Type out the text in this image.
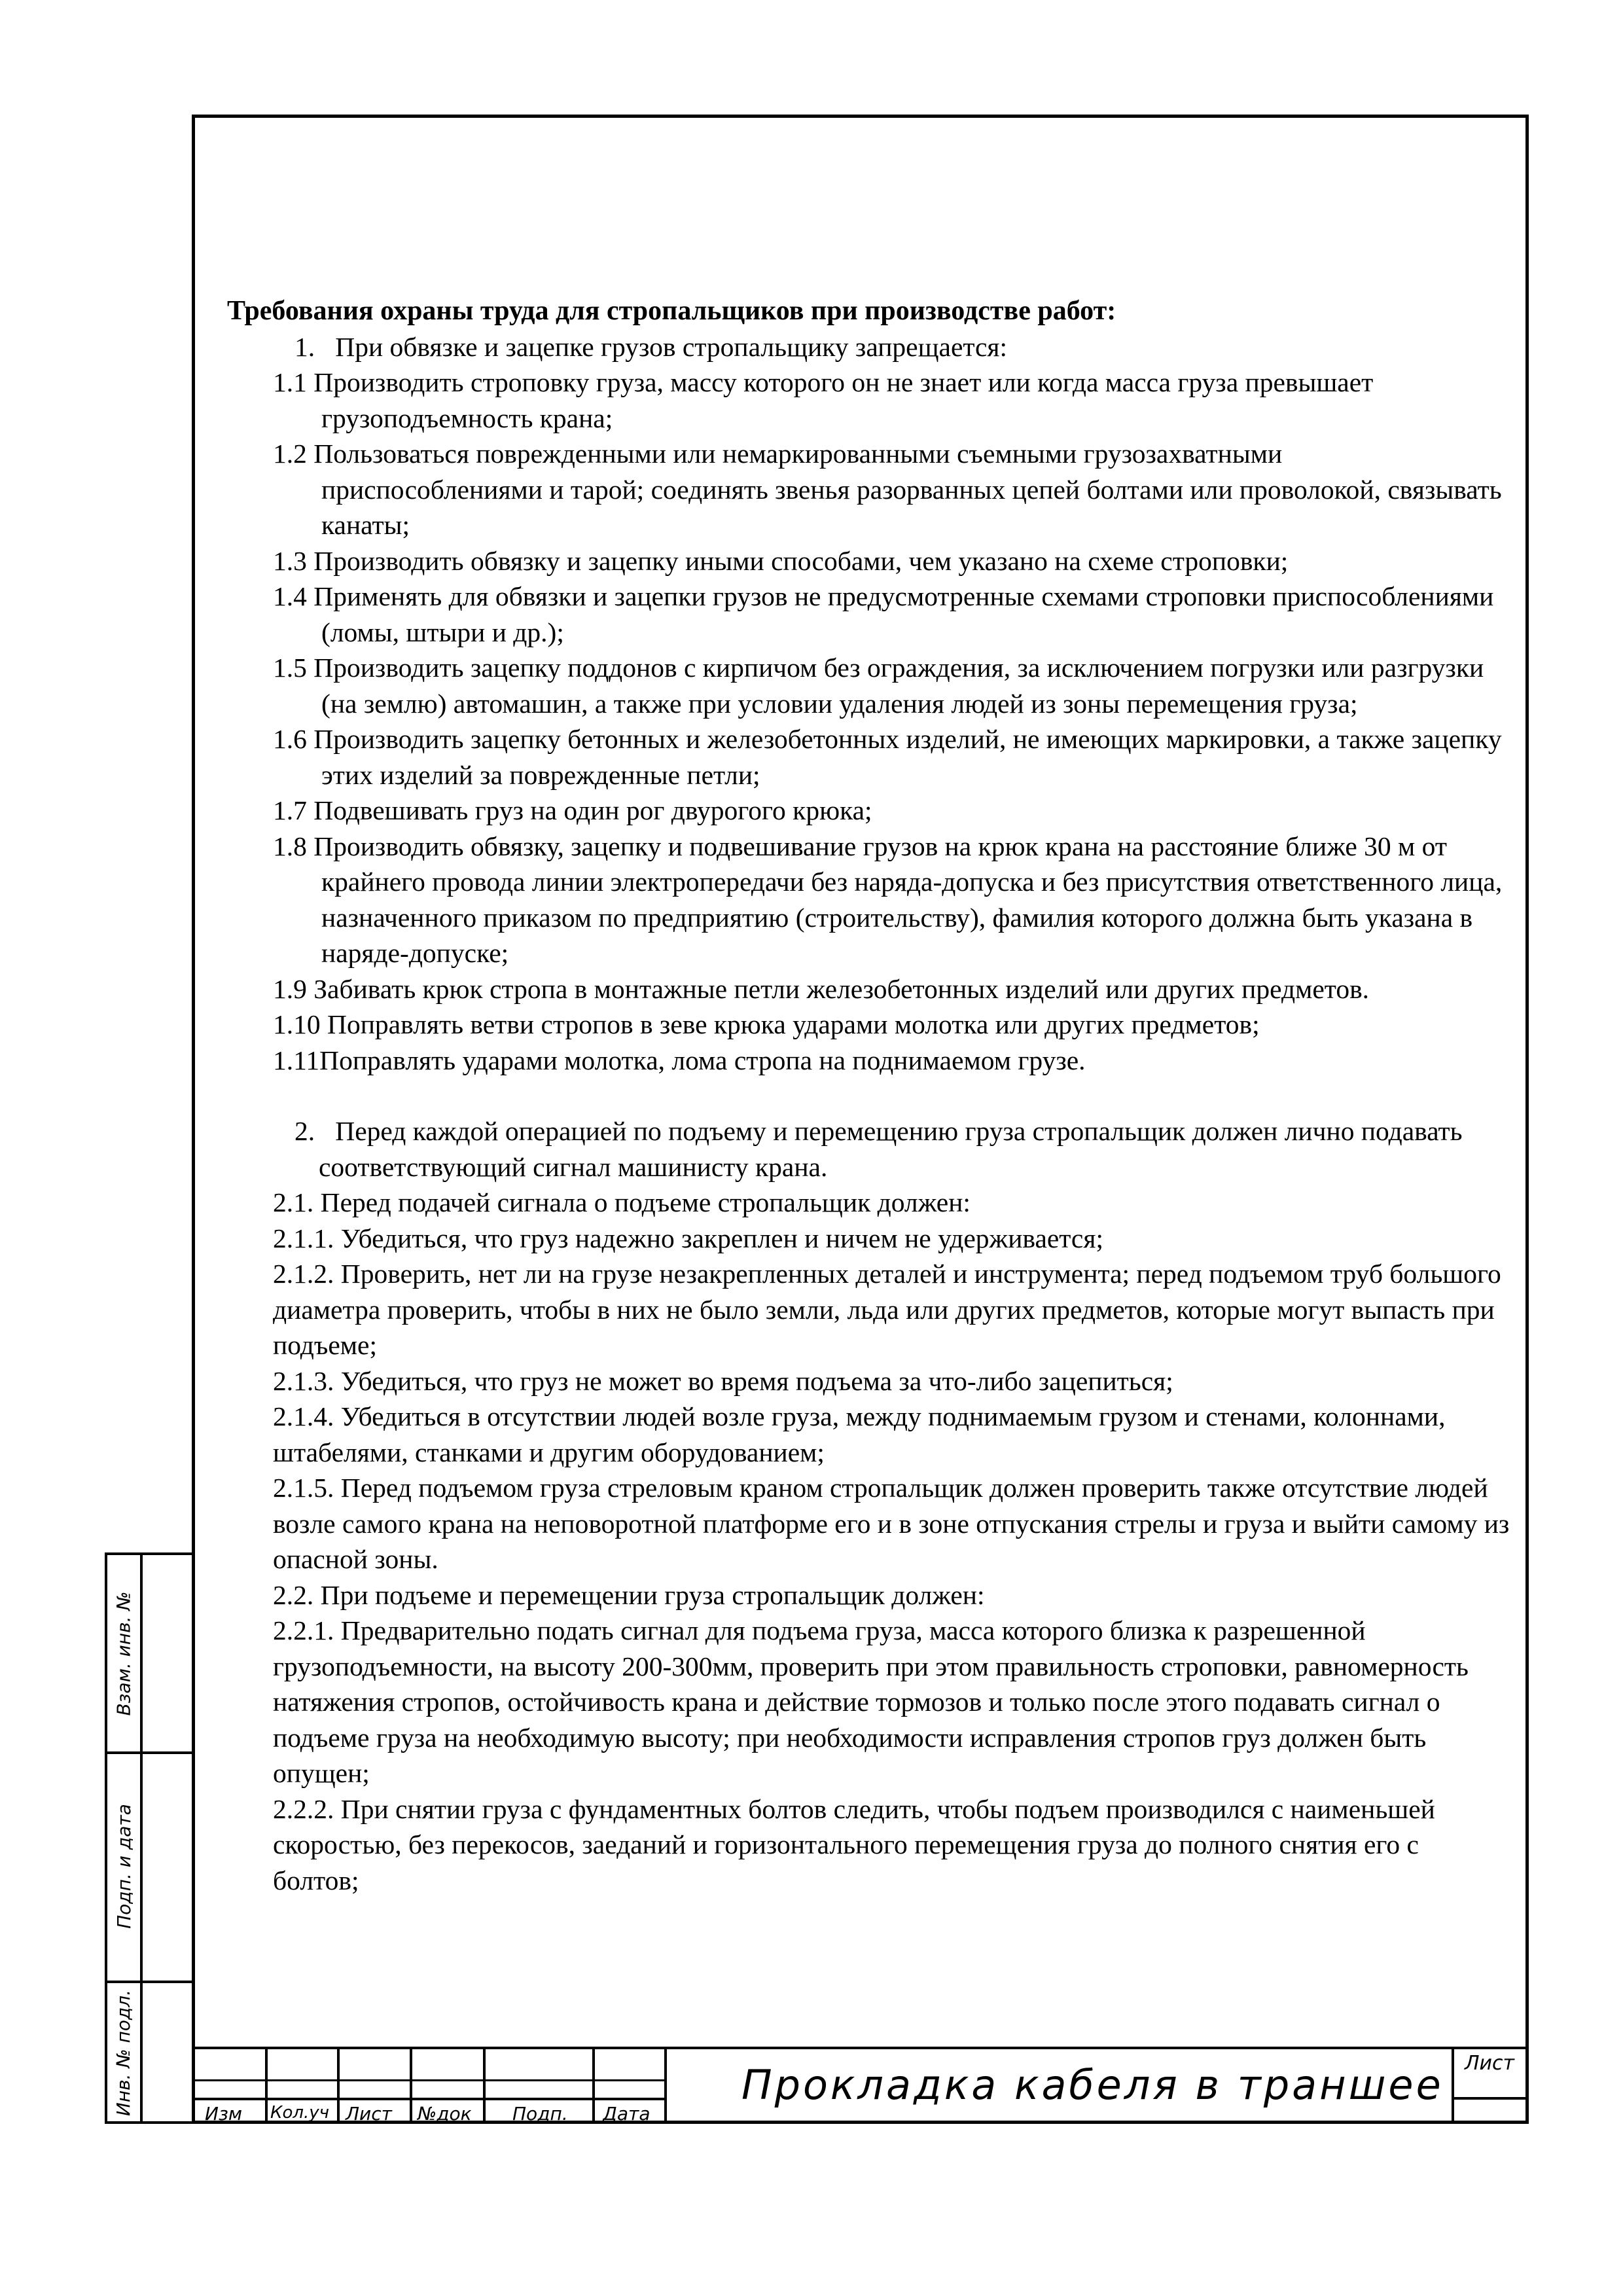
Требования охраны труда для стропальщиков при производстве работ:
1. При обвязке и зацепке грузов стропальщику запрещается:
1.1 Производить строповку груза, массу которого он не знает или когда масса груза превышает грузоподъемность крана;
1.2 Пользоваться поврежденными или немаркированными съемными грузозахватными приспособлениями и тарой; соединять звенья разорванных цепей болтами или проволокой, связывать канаты;
1.3 Производить обвязку и зацепку иными способами, чем указано на схеме строповки;
1.4 Применять для обвязки и зацепки грузов не предусмотренные схемами строповки приспособлениями (ломы, штыри и др.);
1.5 Производить зацепку поддонов с кирпичом без ограждения, за исключением погрузки или разгрузки (на землю) автомашин, а также при условии удаления людей из зоны перемещения груза;
1.6 Производить зацепку бетонных и железобетонных изделий, не имеющих маркировки, а также зацепку этих изделий за поврежденные петли;
1.7 Подвешивать груз на один рог двурогого крюка;
1.8 Производить обвязку, зацепку и подвешивание грузов на крюк крана на расстояние ближе 30 м от крайнего провода линии электропередачи без наряда-допуска и без присутствия ответственного лица, назначенного приказом по предприятию (строительству), фамилия которого должна быть указана в наряде-допуске;
1.9 Забивать крюк стропа в монтажные петли железобетонных изделий или других предметов.
1.10 Поправлять ветви стропов в зеве крюка ударами молотка или других предметов;
1.11Поправлять ударами молотка, лома стропа на поднимаемом грузе.
2. Перед каждой операцией по подъему и перемещению груза стропальщик должен лично подавать соответствующий сигнал машинисту крана.
2.1. Перед подачей сигнала о подъеме стропальщик должен:
2.1.1. Убедиться, что груз надежно закреплен и ничем не удерживается;
2.1.2. Проверить, нет ли на грузе незакрепленных деталей и инструмента; перед подъемом труб большого диаметра проверить, чтобы в них не было земли, льда или других предметов, которые могут выпасть при подъеме;
2.1.3. Убедиться, что груз не может во время подъема за что-либо зацепиться;
2.1.4. Убедиться в отсутствии людей возле груза, между поднимаемым грузом и стенами, колоннами, штабелями, станками и другим оборудованием;
2.1.5. Перед подъемом груза стреловым краном стропальщик должен проверить также отсутствие людей возле самого крана на неповоротной платформе его и в зоне отпускания стрелы и груза и выйти самому из опасной зоны.
2.2. При подъеме и перемещении груза стропальщик должен:
2.2.1. Предварительно подать сигнал для подъема груза, масса которого близка к разрешенной грузоподъемности, на высоту 200-300мм, проверить при этом правильность строповки, равномерность натяжения стропов, остойчивость крана и действие тормозов и только после этого подавать сигнал о подъеме груза на необходимую высоту; при необходимости исправления стропов груз должен быть опущен;
2.2.2. При снятии груза с фундаментных болтов следить, чтобы подъем производился с наименьшей скоростью, без перекосов, заеданий и горизонтального перемещения груза до полного снятия его с болтов;
Взам. инв. №
Подп. и дата
Инв. № подл.	Изм Кол.уч Лист №док Подп. Дата
Прокладка кабеля в траншее	Лист
